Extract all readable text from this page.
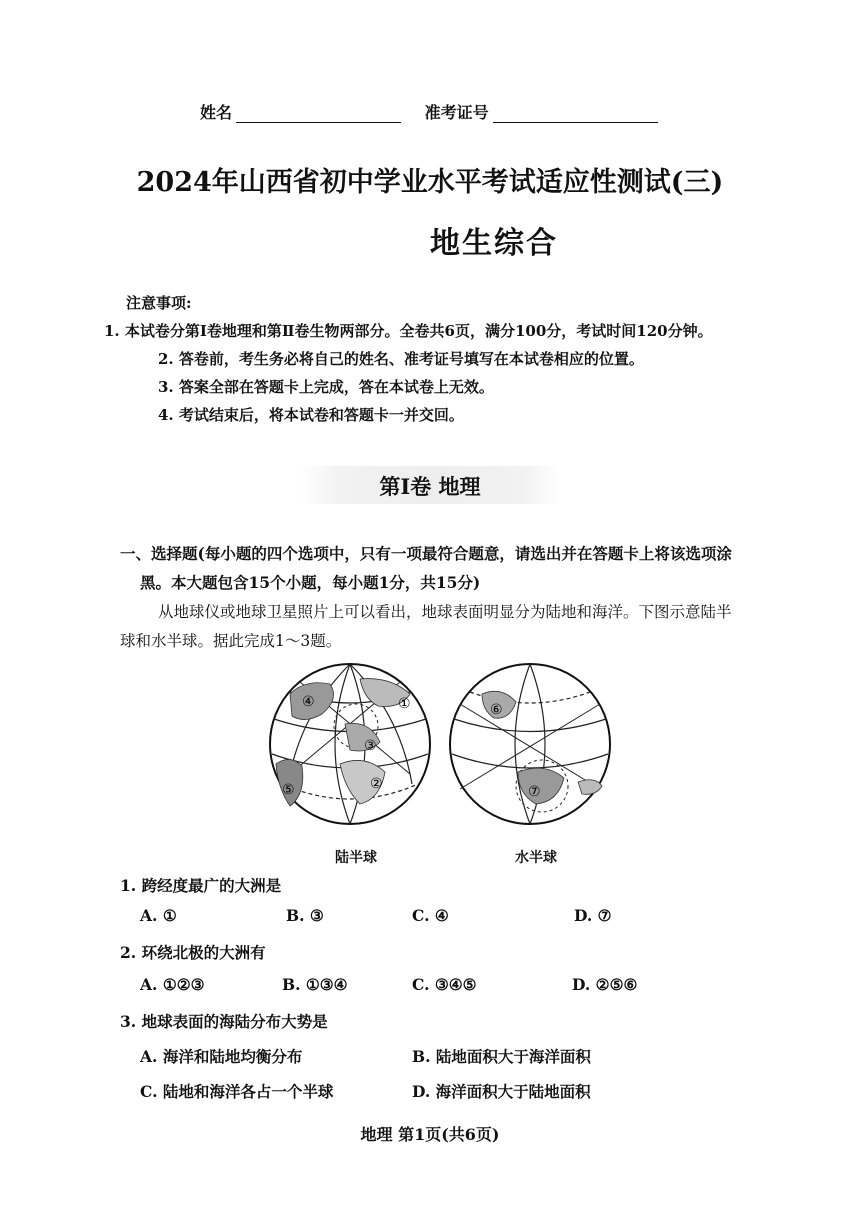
姓名	准考证号
2024年山西省初中学业水平考试适应性测试(三)
地生综合
注意事项:
1. 本试卷分第Ⅰ卷地理和第Ⅱ卷生物两部分。全卷共6页，满分100分，考试时间120分钟。
2. 答卷前，考生务必将自己的姓名、准考证号填写在本试卷相应的位置。
3. 答案全部在答题卡上完成，答在本试卷上无效。
4. 考试结束后，将本试卷和答题卡一并交回。
第Ⅰ卷 地理
一、选择题(每小题的四个选项中，只有一项最符合题意，请选出并在答题卡上将该选项涂
黑。本大题包含15个小题，每小题1分，共15分)
从地球仪或地球卫星照片上可以看出，地球表面明显分为陆地和海洋。下图示意陆半
球和水半球。据此完成1～3题。
④	①
③
②
⑤
⑥
⑦
陆半球	水半球
1. 跨经度最广的大洲是
A. ①	B. ③	C. ④	D. ⑦
2. 环绕北极的大洲有
A. ①②③	B. ①③④	C. ③④⑤	D. ②⑤⑥
3. 地球表面的海陆分布大势是
A. 海洋和陆地均衡分布	B. 陆地面积大于海洋面积
C. 陆地和海洋各占一个半球	D. 海洋面积大于陆地面积
地理 第1页(共6页)
